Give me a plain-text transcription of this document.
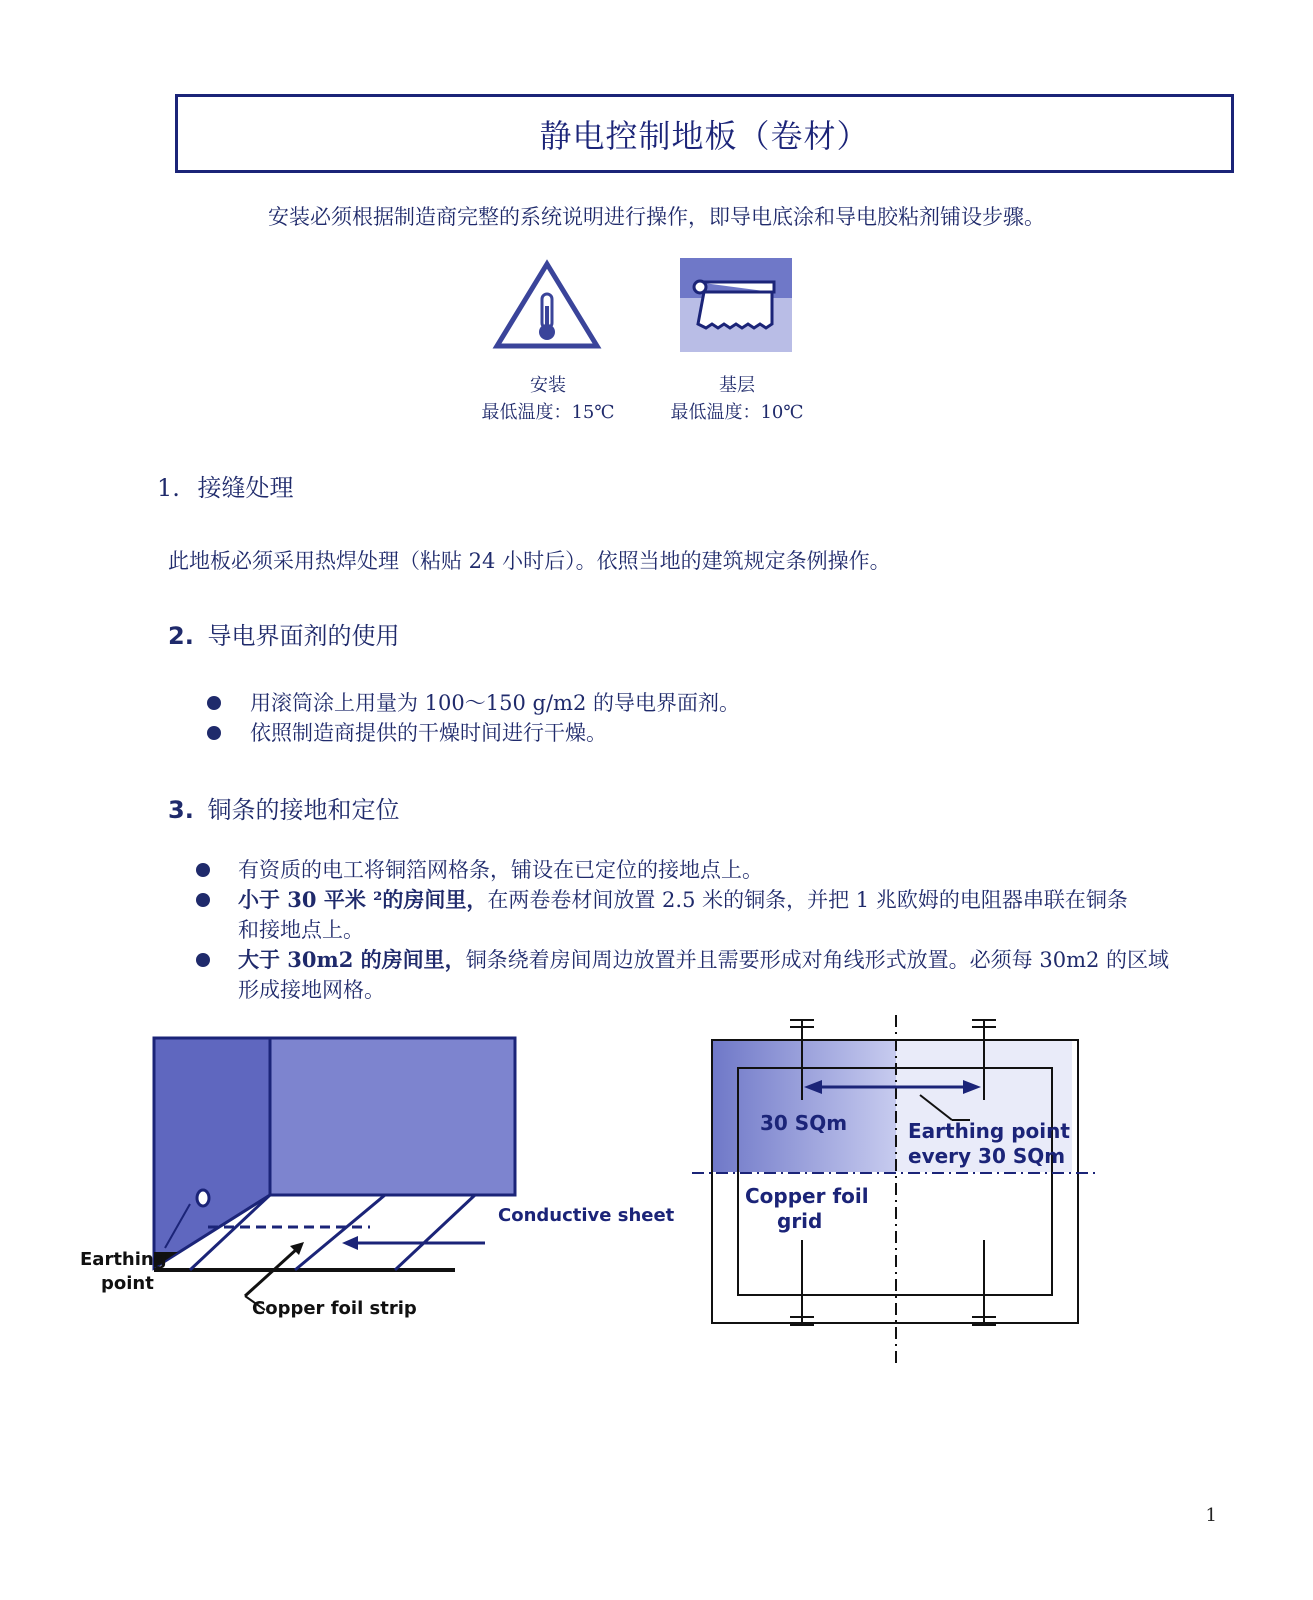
静电控制地板（卷材）
安装必须根据制造商完整的系统说明进行操作，即导电底涂和导电胶粘剂铺设步骤。
安装
最低温度：15℃
基层
最低温度：10℃
1. 接缝处理
此地板必须采用热焊处理（粘贴 24 小时后）。依照当地的建筑规定条例操作。
2. 导电界面剂的使用
用滚筒涂上用量为 100～150 g/m2 的导电界面剂。
依照制造商提供的干燥时间进行干燥。
3. 铜条的接地和定位
有资质的电工将铜箔网格条，铺设在已定位的接地点上。
小于 30 平米 ²的房间里，在两卷卷材间放置 2.5 米的铜条，并把 1 兆欧姆的电阻器串联在铜条
和接地点上。
大于 30m2 的房间里，铜条绕着房间周边放置并且需要形成对角线形式放置。必须每 30m2 的区域
形成接地网格。
Conductive sheet
Earthing
point
Copper foil strip
30 SQm	Earthing point
every 30 SQm
Copper foil
grid
1
